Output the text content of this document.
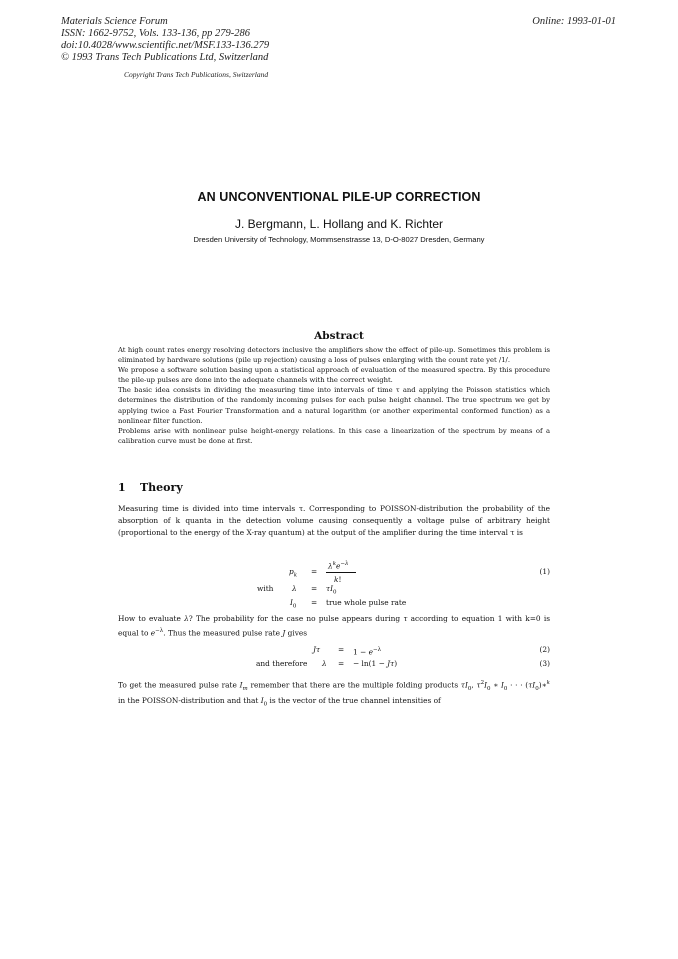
Materials Science Forum
ISSN: 1662-9752, Vols. 133-136, pp 279-286
doi:10.4028/www.scientific.net/MSF.133-136.279
© 1993 Trans Tech Publications Ltd, Switzerland
Online: 1993-01-01
Copyright Trans Tech Publications, Switzerland
AN UNCONVENTIONAL PILE-UP CORRECTION
J. Bergmann, L. Hollang and K. Richter
Dresden University of Technology, Mommsenstrasse 13, D-O-8027 Dresden, Germany
Abstract

At high count rates energy resolving detectors inclusive the amplifiers show the effect of pile-up. Sometimes this problem is eliminated by hardware solutions (pile up rejection) causing a loss of pulses enlarging with the count rate yet /1/.

We propose a software solution basing upon a statistical approach of evaluation of the measured spectra. By this procedure the pile-up pulses are done into the adequate channels with the correct weight.

The basic idea consists in dividing the measuring time into intervals of time τ and applying the Poisson statistics which determines the distribution of the randomly incoming pulses for each pulse height channel. The true spectrum we get by applying twice a Fast Fourier Transformation and a natural logarithm (or another experimental conformed function) as a nonlinear filter function.

Problems arise with nonlinear pulse height-energy relations. In this case a linearization of the spectrum by means of a calibration curve must be done at first.

1 Theory

Measuring time is divided into time intervals τ. Corresponding to POISSON-distribution the probability of the absorption of k quanta in the detection volume causing consequently a voltage pulse of arbitrary height (proportional to the energy of the X-ray quantum) at the output of the amplifier during the time interval τ is

$p_k$ =
$\lambda^ke^{-\lambda}$
k!
(1)
with	$\lambda = \tau I_0$
$I_0$ = true whole pulse rate

How to evaluate λ? The probability for the case no pulse appears during τ according to equation 1 with k=0 is equal to $e^{-\lambda}$. Thus the measured pulse rate J gives

$J\tau = 1 - e^{-\lambda}$	(2)
and therefore λ = − ln(1 − Jτ)	(3)

To get the measured pulse rate $I_m$ remember that there are the multiple folding products $\tau I_0$, $\tau^2I_0$ ∗ $I_0$ · · · $(\tau I_0)∗^k$ in the POISSON-distribution and that $I_0$ is the vector of the true channel intensities of
